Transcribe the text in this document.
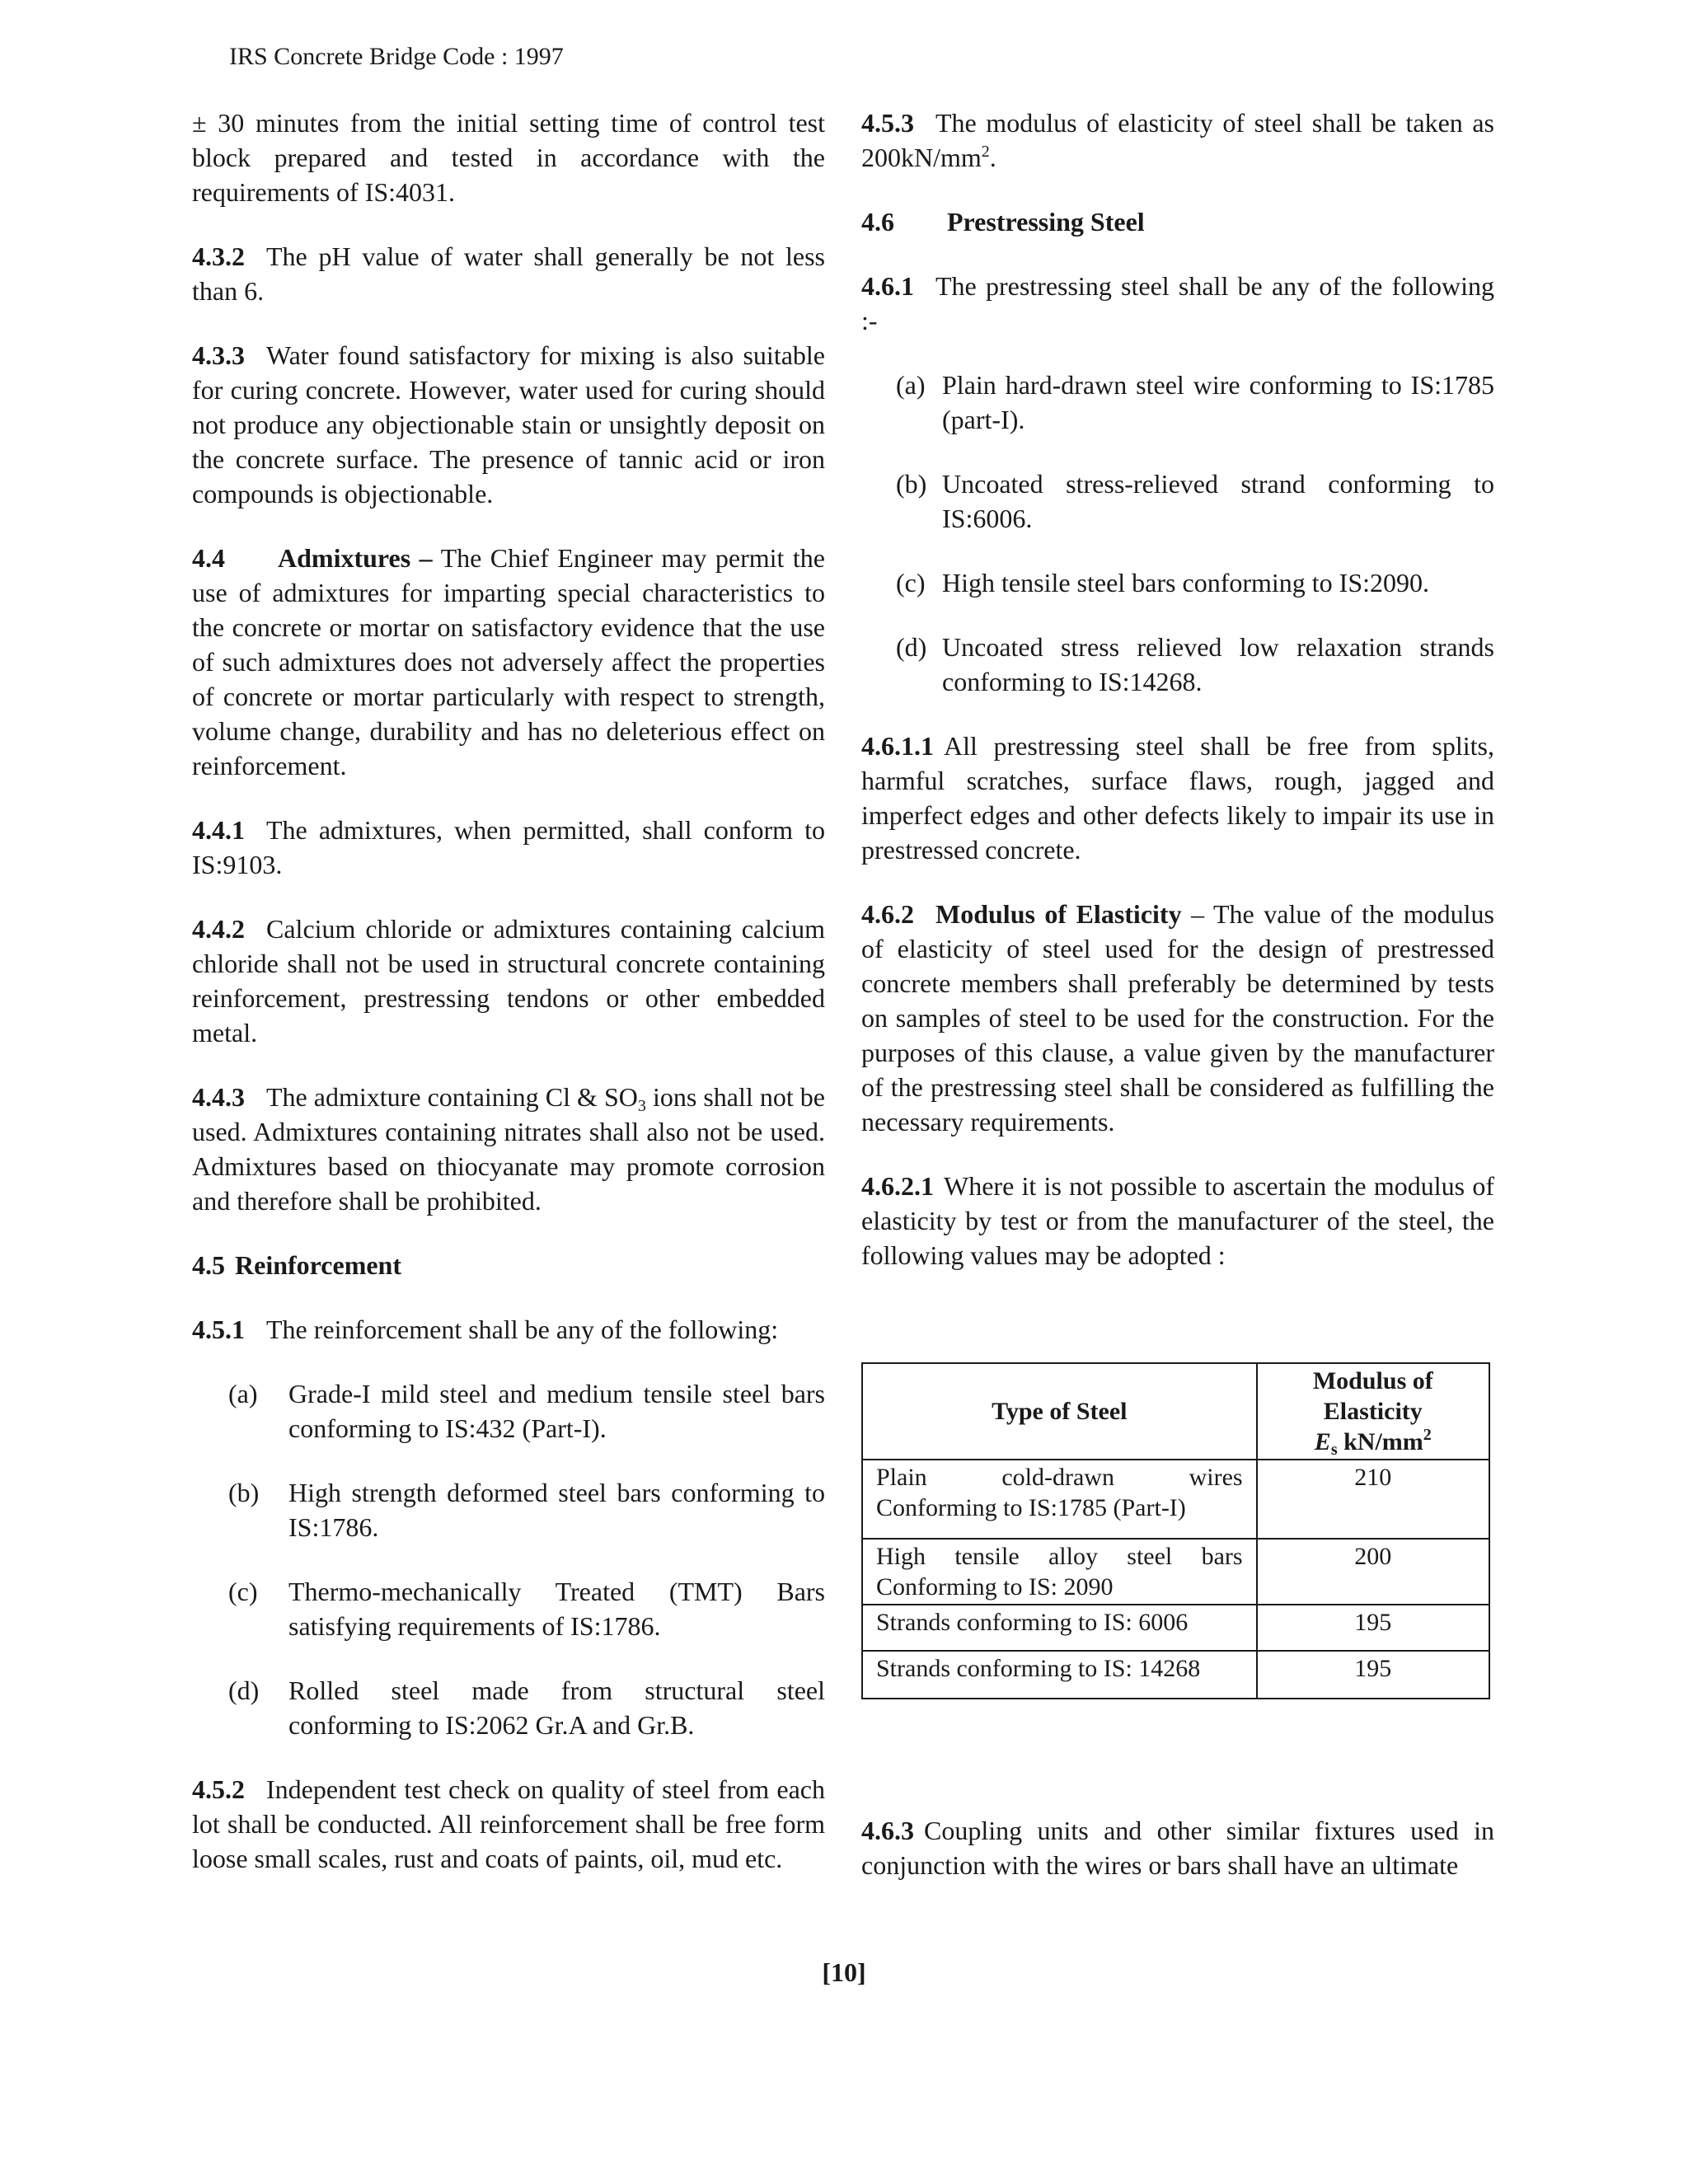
IRS Concrete Bridge Code : 1997

± 30 minutes from the initial setting time of control test block prepared and tested in accordance with the requirements of IS:4031.

4.3.2 The pH value of water shall generally be not less than 6.

4.3.3 Water found satisfactory for mixing is also suitable for curing concrete. However, water used for curing should not produce any objectionable stain or unsightly deposit on the concrete surface. The presence of tannic acid or iron compounds is objectionable.

4.4 Admixtures – The Chief Engineer may permit the use of admixtures for imparting special characteristics to the concrete or mortar on satisfactory evidence that the use of such admixtures does not adversely affect the properties of concrete or mortar particularly with respect to strength, volume change, durability and has no deleterious effect on reinforcement.

4.4.1 The admixtures, when permitted, shall conform to IS:9103.

4.4.2 Calcium chloride or admixtures containing calcium chloride shall not be used in structural concrete containing reinforcement, prestressing tendons or other embedded metal.

4.4.3 The admixture containing Cl & $SO_3$ ions shall not be used. Admixtures containing nitrates shall also not be used. Admixtures based on thiocyanate may promote corrosion and therefore shall be prohibited.

4.5 Reinforcement

4.5.1 The reinforcement shall be any of the following:

(a)	Grade-I mild steel and medium tensile steel bars conforming to IS:432 (Part-I).
(b)	High strength deformed steel bars conforming to IS:1786.
(c)	Thermo-mechanically Treated (TMT) Bars satisfying requirements of IS:1786.
(d)	Rolled steel made from structural steel conforming to IS:2062 Gr.A and Gr.B.

4.5.2 Independent test check on quality of steel from each lot shall be conducted. All reinforcement shall be free form loose small scales, rust and coats of paints, oil, mud etc.

4.5.3 The modulus of elasticity of steel shall be taken as $200kN/mm^2$.

4.6 Prestressing Steel

4.6.1 The prestressing steel shall be any of the following :-

(a) Plain hard-drawn steel wire conforming to IS:1785 (part-I).
(b) Uncoated stress-relieved strand conforming to IS:6006.
(c) High tensile steel bars conforming to IS:2090.
(d) Uncoated stress relieved low relaxation strands conforming to IS:14268.

4.6.1.1 All prestressing steel shall be free from splits, harmful scratches, surface flaws, rough, jagged and imperfect edges and other defects likely to impair its use in prestressed concrete.

4.6.2 Modulus of Elasticity – The value of the modulus of elasticity of steel used for the design of prestressed concrete members shall preferably be determined by tests on samples of steel to be used for the construction. For the purposes of this clause, a value given by the manufacturer of the prestressing steel shall be considered as fulfilling the necessary requirements.

4.6.2.1 Where it is not possible to ascertain the modulus of elasticity by test or from the manufacturer of the steel, the following values may be adopted :

Type of Steel	Modulus of
Elasticity
$E_s$ $kN/mm^2$

Plain cold-drawn wires
Conforming to IS:1785 (Part-I)	210

High tensile alloy steel bars
Conforming to IS: 2090	200
Strands conforming to IS: 6006	195
Strands conforming to IS: 14268	195

4.6.3 Coupling units and other similar fixtures used in conjunction with the wires or bars shall have an ultimate

[10]
